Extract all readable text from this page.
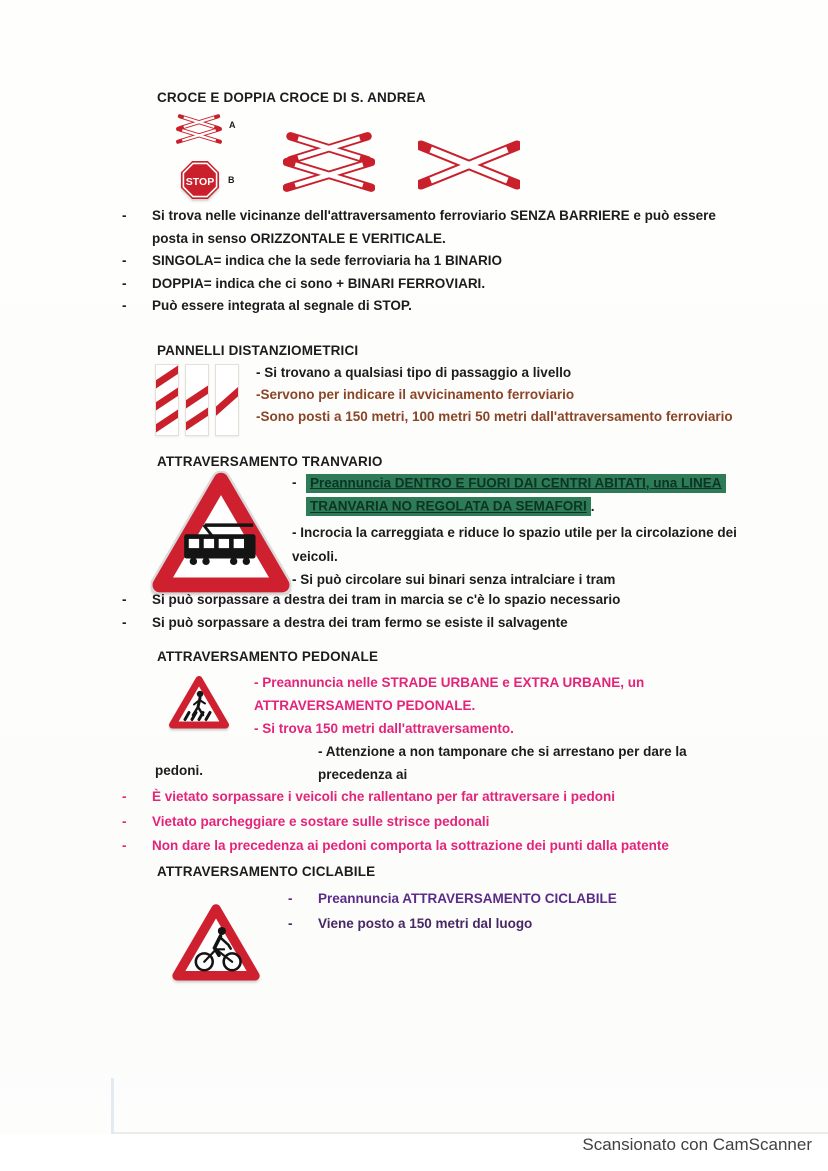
CROCE E DOPPIA CROCE DI S. ANDREA
A
STOP B
- Si trova nelle vicinanze dell'attraversamento ferroviario SENZA BARRIERE e può essere posta in senso ORIZZONTALE E VERITICALE.
- SINGOLA= indica che la sede ferroviaria ha 1 BINARIO
- DOPPIA= indica che ci sono + BINARI FERROVIARI.
- Può essere integrata al segnale di STOP.
PANNELLI DISTANZIOMETRICI
- Si trovano a qualsiasi tipo di passaggio a livello
-Servono per indicare il avvicinamento ferroviario
-Sono posti a 150 metri, 100 metri 50 metri dall'attraversamento ferroviario
ATTRAVERSAMENTO TRANVARIO
-	Preannuncia DENTRO E FUORI DAI CENTRI ABITATI, una LINEA
TRANVARIA NO REGOLATA DA SEMAFORI .
- Incrocia la carreggiata e riduce lo spazio utile per la circolazione dei
veicoli.
- Si può circolare sui binari senza intralciare i tram
- Si può sorpassare a destra dei tram in marcia se c'è lo spazio necessario
- Si può sorpassare a destra dei tram fermo se esiste il salvagente
ATTRAVERSAMENTO PEDONALE
- Preannuncia nelle STRADE URBANE e EXTRA URBANE, un
ATTRAVERSAMENTO PEDONALE.
- Si trova 150 metri dall'attraversamento.
- Attenzione a non tamponare che si arrestano per dare la precedenza ai
pedoni.
- È vietato sorpassare i veicoli che rallentano per far attraversare i pedoni
- Vietato parcheggiare e sostare sulle strisce pedonali
- Non dare la precedenza ai pedoni comporta la sottrazione dei punti dalla patente
ATTRAVERSAMENTO CICLABILE
- Preannuncia ATTRAVERSAMENTO CICLABILE
- Viene posto a 150 metri dal luogo
Scansionato con CamScanner
